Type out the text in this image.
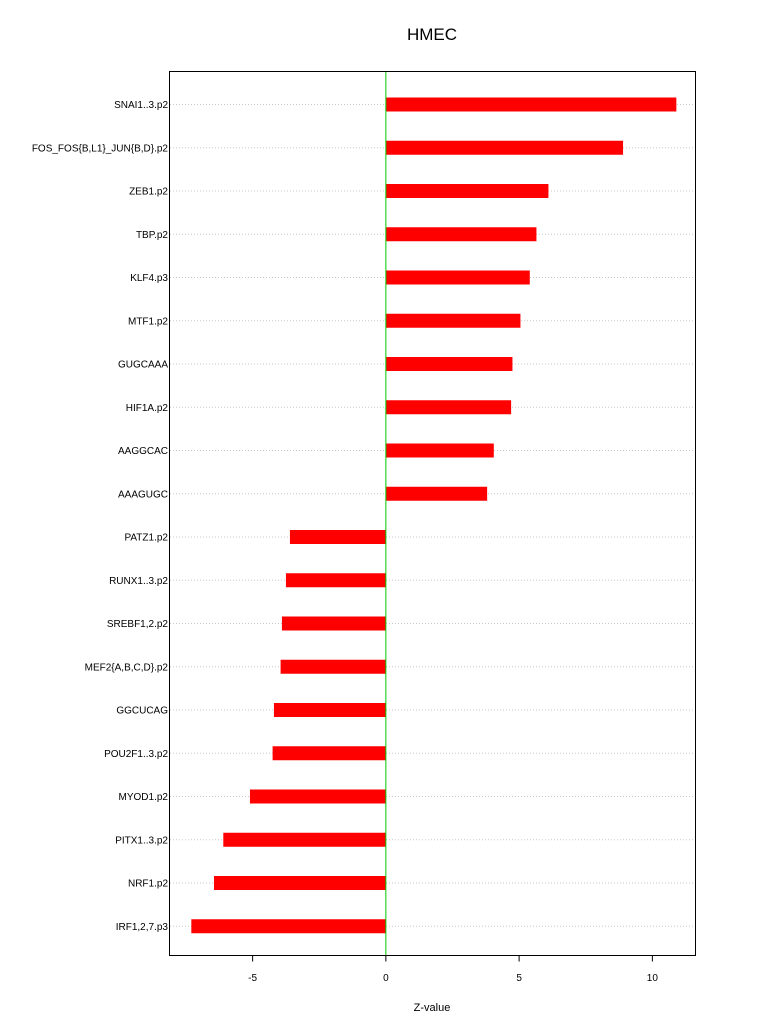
HMEC
SNAI1..3.p2
FOS_FOS{B,L1}_JUN{B,D}.p2
ZEB1.p2
TBP.p2
KLF4.p3
MTF1.p2
GUGCAAA
HIF1A.p2
AAGGCAC
AAAGUGC
PATZ1.p2
RUNX1..3.p2
SREBF1,2.p2
MEF2{A,B,C,D}.p2
GGCUCAG
POU2F1..3.p2
MYOD1.p2
PITX1..3.p2
NRF1.p2
IRF1,2,7.p3
-5	0	5	10
Z-value
